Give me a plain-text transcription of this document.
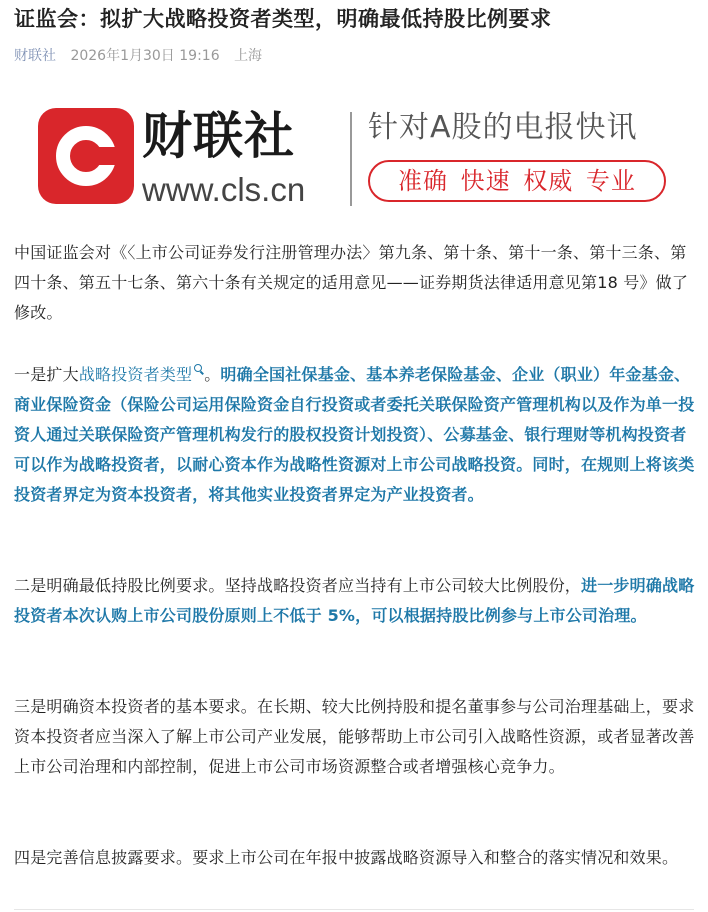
证监会：拟扩大战略投资者类型，明确最低持股比例要求
财联社 2026年1月30日 19:16 上海
财联社
www.cls.cn
针对A股的电报快讯
准确 快速 权威 专业

中国证监会对《〈上市公司证券发行注册管理办法〉第九条、第十条、第十一条、第十三条、第四十条、第五十七条、第六十条有关规定的适用意见——证券期货法律适用意见第18 号》做了修改。

一是扩大战略投资者类型 。明确全国社保基金、基本养老保险基金、企业（职业）年金基金、商业保险资金（保险公司运用保险资金自行投资或者委托关联保险资产管理机构以及作为单一投资人通过关联保险资产管理机构发行的股权投资计划投资）、公募基金、银行理财等机构投资者可以作为战略投资者，以耐心资本作为战略性资源对上市公司战略投资。同时，在规则上将该类投资者界定为资本投资者，将其他实业投资者界定为产业投资者。

二是明确最低持股比例要求。坚持战略投资者应当持有上市公司较大比例股份，进一步明确战略投资者本次认购上市公司股份原则上不低于 5%，可以根据持股比例参与上市公司治理。

三是明确资本投资者的基本要求。在长期、较大比例持股和提名董事参与公司治理基础上，要求资本投资者应当深入了解上市公司产业发展，能够帮助上市公司引入战略性资源，或者显著改善上市公司治理和内部控制，促进上市公司市场资源整合或者增强核心竞争力。

四是完善信息披露要求。要求上市公司在年报中披露战略资源导入和整合的落实情况和效果。
